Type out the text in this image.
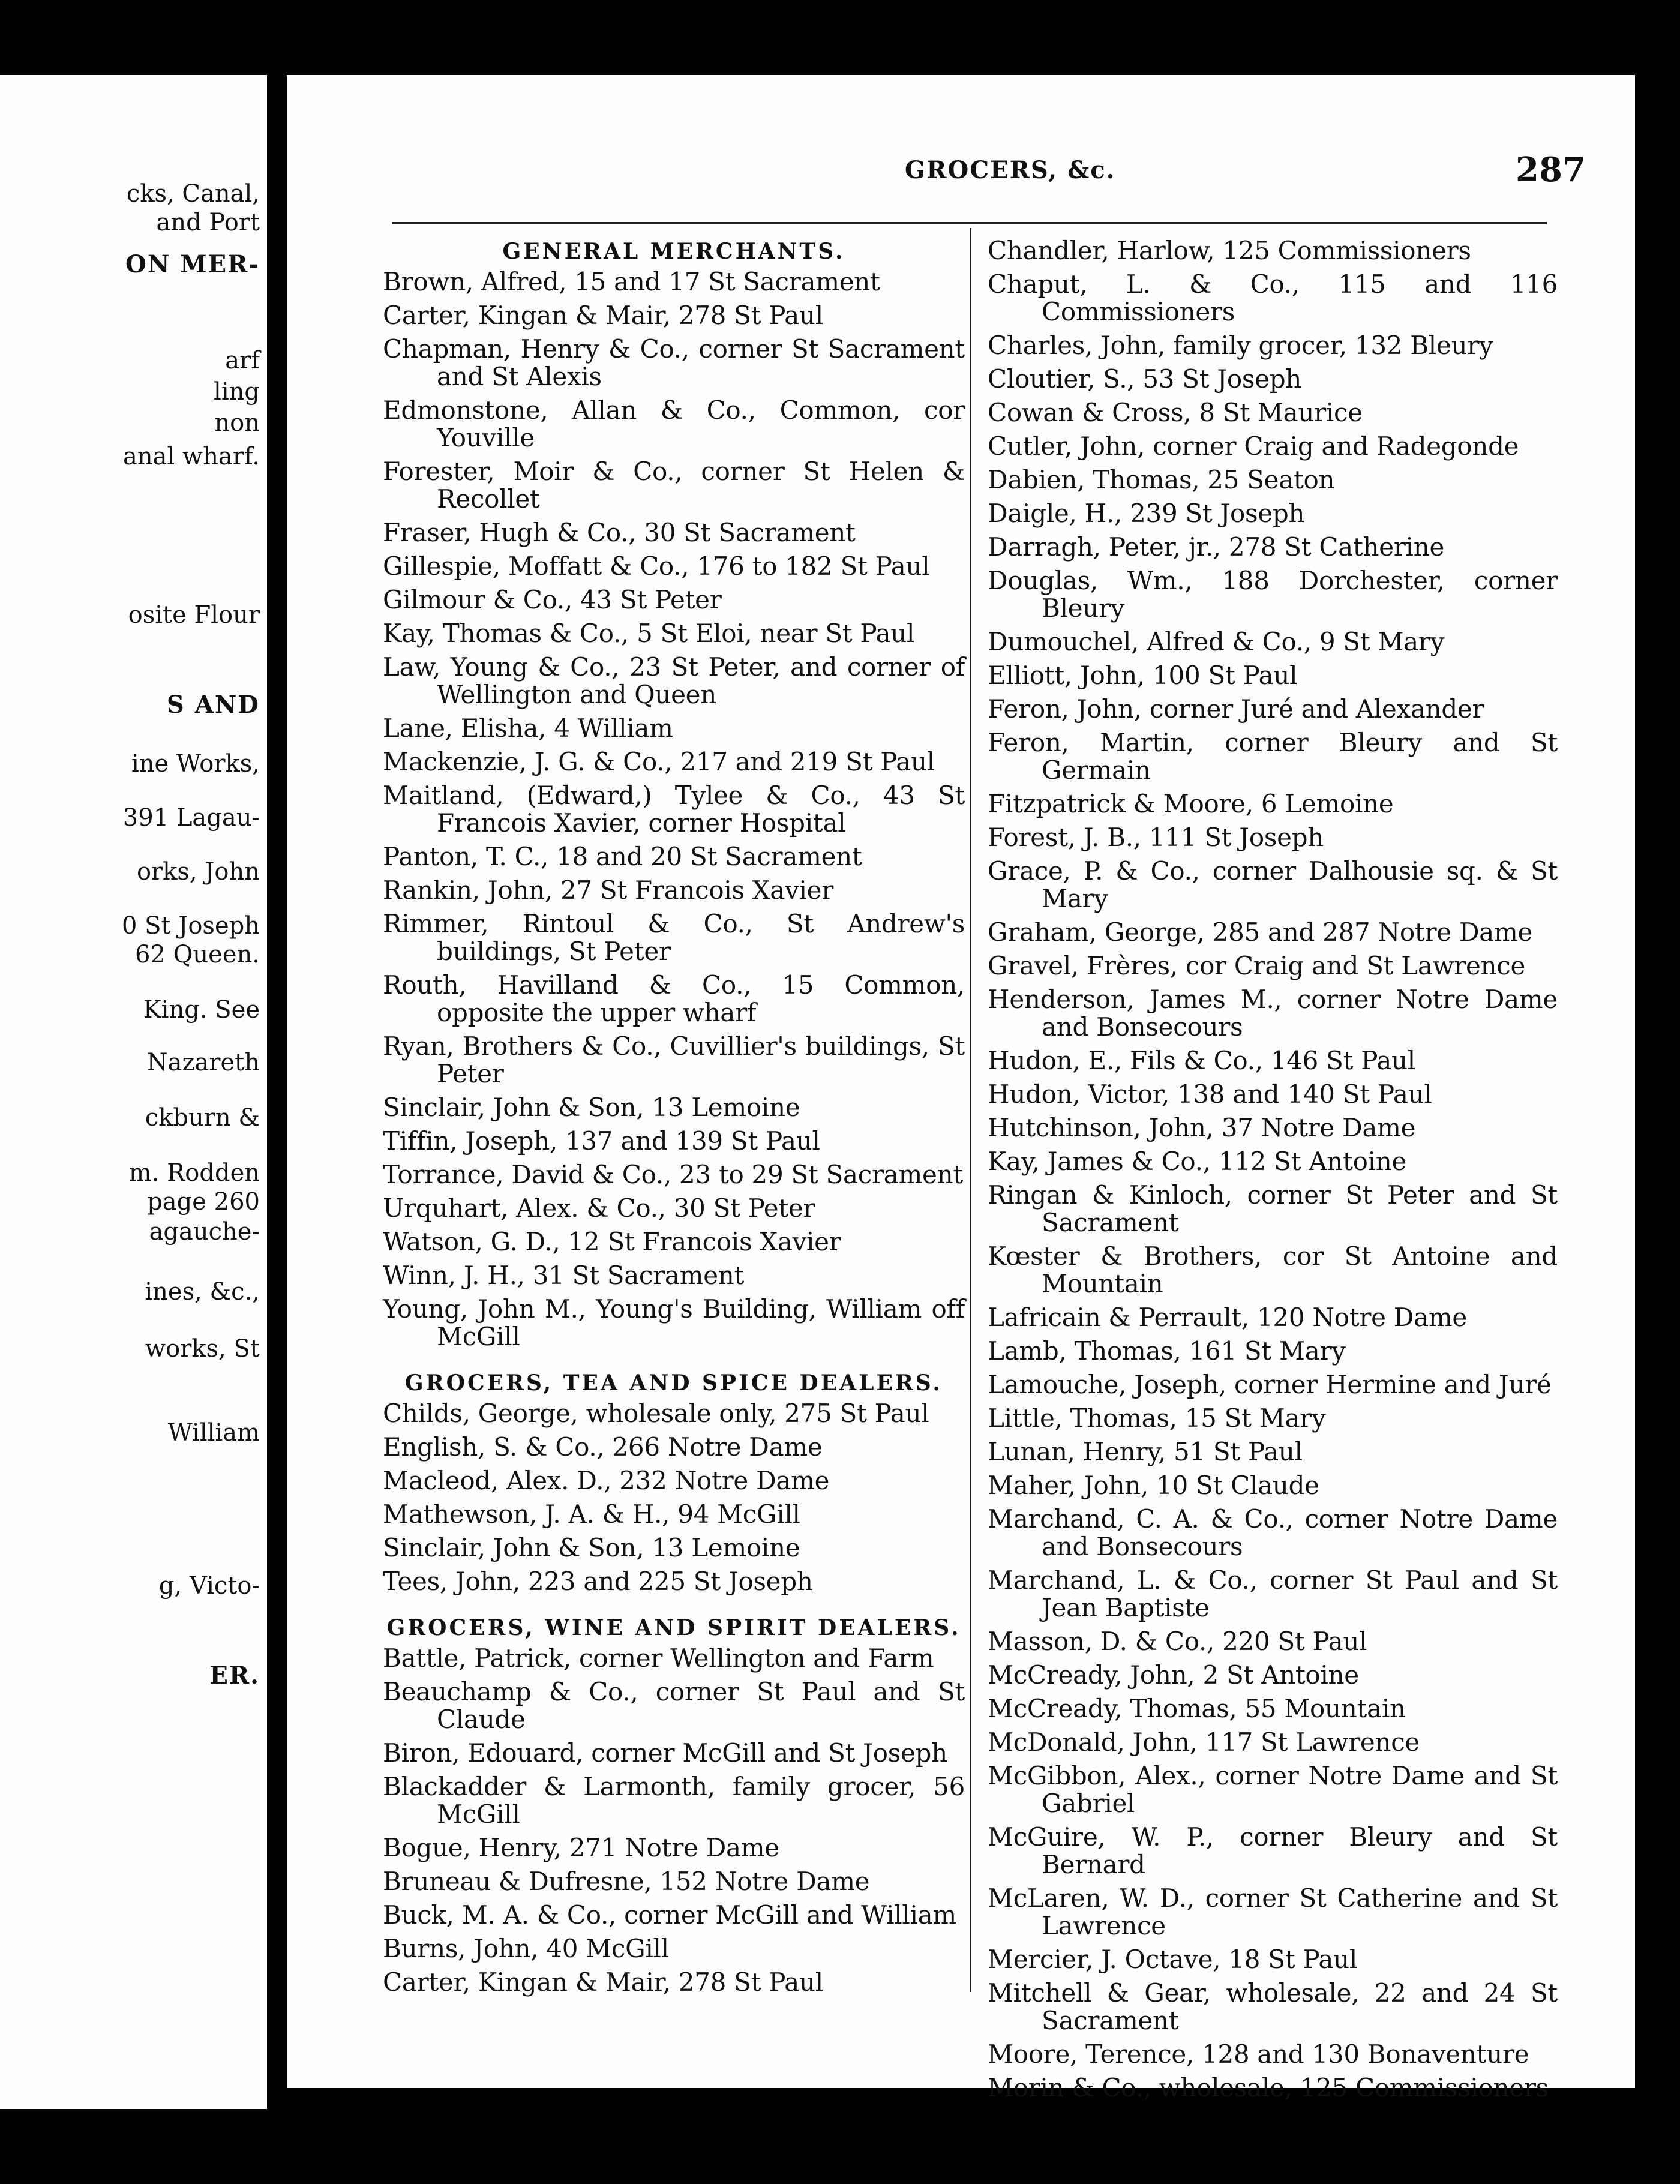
cks, Canal,
and Port
ON MER-
arf
ling
non
anal wharf.
osite Flour
S AND
ine Works,
391 Lagau-
orks, John
0 St Joseph
62 Queen.
King. See
Nazareth
ckburn &
m. Rodden
page 260
agauche-
ines, &c.,
works, St
William
g, Victo-
ER.
GROCERS, &c.	287
GENERAL MERCHANTS.
Brown, Alfred, 15 and 17 St Sacrament
Carter, Kingan & Mair, 278 St Paul
Chapman, Henry & Co., corner St Sacrament and St Alexis
Edmonstone, Allan & Co., Common, cor Youville
Forester, Moir & Co., corner St Helen & Recollet
Fraser, Hugh & Co., 30 St Sacrament
Gillespie, Moffatt & Co., 176 to 182 St Paul
Gilmour & Co., 43 St Peter
Kay, Thomas & Co., 5 St Eloi, near St Paul
Law, Young & Co., 23 St Peter, and corner of Wellington and Queen
Lane, Elisha, 4 William
Mackenzie, J. G. & Co., 217 and 219 St Paul
Maitland, (Edward,) Tylee & Co., 43 St Francois Xavier, corner Hospital
Panton, T. C., 18 and 20 St Sacrament
Rankin, John, 27 St Francois Xavier
Rimmer, Rintoul & Co., St Andrew's buildings, St Peter
Routh, Havilland & Co., 15 Common, opposite the upper wharf
Ryan, Brothers & Co., Cuvillier's buildings, St Peter
Sinclair, John & Son, 13 Lemoine
Tiffin, Joseph, 137 and 139 St Paul
Torrance, David & Co., 23 to 29 St Sacrament
Urquhart, Alex. & Co., 30 St Peter
Watson, G. D., 12 St Francois Xavier
Winn, J. H., 31 St Sacrament
Young, John M., Young's Building, William off McGill
GROCERS, TEA AND SPICE DEALERS.
Childs, George, wholesale only, 275 St Paul
English, S. & Co., 266 Notre Dame
Macleod, Alex. D., 232 Notre Dame
Mathewson, J. A. & H., 94 McGill
Sinclair, John & Son, 13 Lemoine
Tees, John, 223 and 225 St Joseph
GROCERS, WINE AND SPIRIT DEALERS.
Battle, Patrick, corner Wellington and Farm
Beauchamp & Co., corner St Paul and St Claude
Biron, Edouard, corner McGill and St Joseph
Blackadder & Larmonth, family grocer, 56 McGill
Bogue, Henry, 271 Notre Dame
Bruneau & Dufresne, 152 Notre Dame
Buck, M. A. & Co., corner McGill and William
Burns, John, 40 McGill
Carter, Kingan & Mair, 278 St Paul
Chandler, Harlow, 125 Commissioners
Chaput, L. & Co., 115 and 116 Commissioners
Charles, John, family grocer, 132 Bleury
Cloutier, S., 53 St Joseph
Cowan & Cross, 8 St Maurice
Cutler, John, corner Craig and Radegonde
Dabien, Thomas, 25 Seaton
Daigle, H., 239 St Joseph
Darragh, Peter, jr., 278 St Catherine
Douglas, Wm., 188 Dorchester, corner Bleury
Dumouchel, Alfred & Co., 9 St Mary
Elliott, John, 100 St Paul
Feron, John, corner Juré and Alexander
Feron, Martin, corner Bleury and St Germain
Fitzpatrick & Moore, 6 Lemoine
Forest, J. B., 111 St Joseph
Grace, P. & Co., corner Dalhousie sq. & St Mary
Graham, George, 285 and 287 Notre Dame
Gravel, Frères, cor Craig and St Lawrence
Henderson, James M., corner Notre Dame and Bonsecours
Hudon, E., Fils & Co., 146 St Paul
Hudon, Victor, 138 and 140 St Paul
Hutchinson, John, 37 Notre Dame
Kay, James & Co., 112 St Antoine
Ringan & Kinloch, corner St Peter and St Sacrament
Kœster & Brothers, cor St Antoine and Mountain
Lafricain & Perrault, 120 Notre Dame
Lamb, Thomas, 161 St Mary
Lamouche, Joseph, corner Hermine and Juré
Little, Thomas, 15 St Mary
Lunan, Henry, 51 St Paul
Maher, John, 10 St Claude
Marchand, C. A. & Co., corner Notre Dame and Bonsecours
Marchand, L. & Co., corner St Paul and St Jean Baptiste
Masson, D. & Co., 220 St Paul
McCready, John, 2 St Antoine
McCready, Thomas, 55 Mountain
McDonald, John, 117 St Lawrence
McGibbon, Alex., corner Notre Dame and St Gabriel
McGuire, W. P., corner Bleury and St Bernard
McLaren, W. D., corner St Catherine and St Lawrence
Mercier, J. Octave, 18 St Paul
Mitchell & Gear, wholesale, 22 and 24 St Sacrament
Moore, Terence, 128 and 130 Bonaventure
Morin & Co., wholesale, 125 Commissioners
